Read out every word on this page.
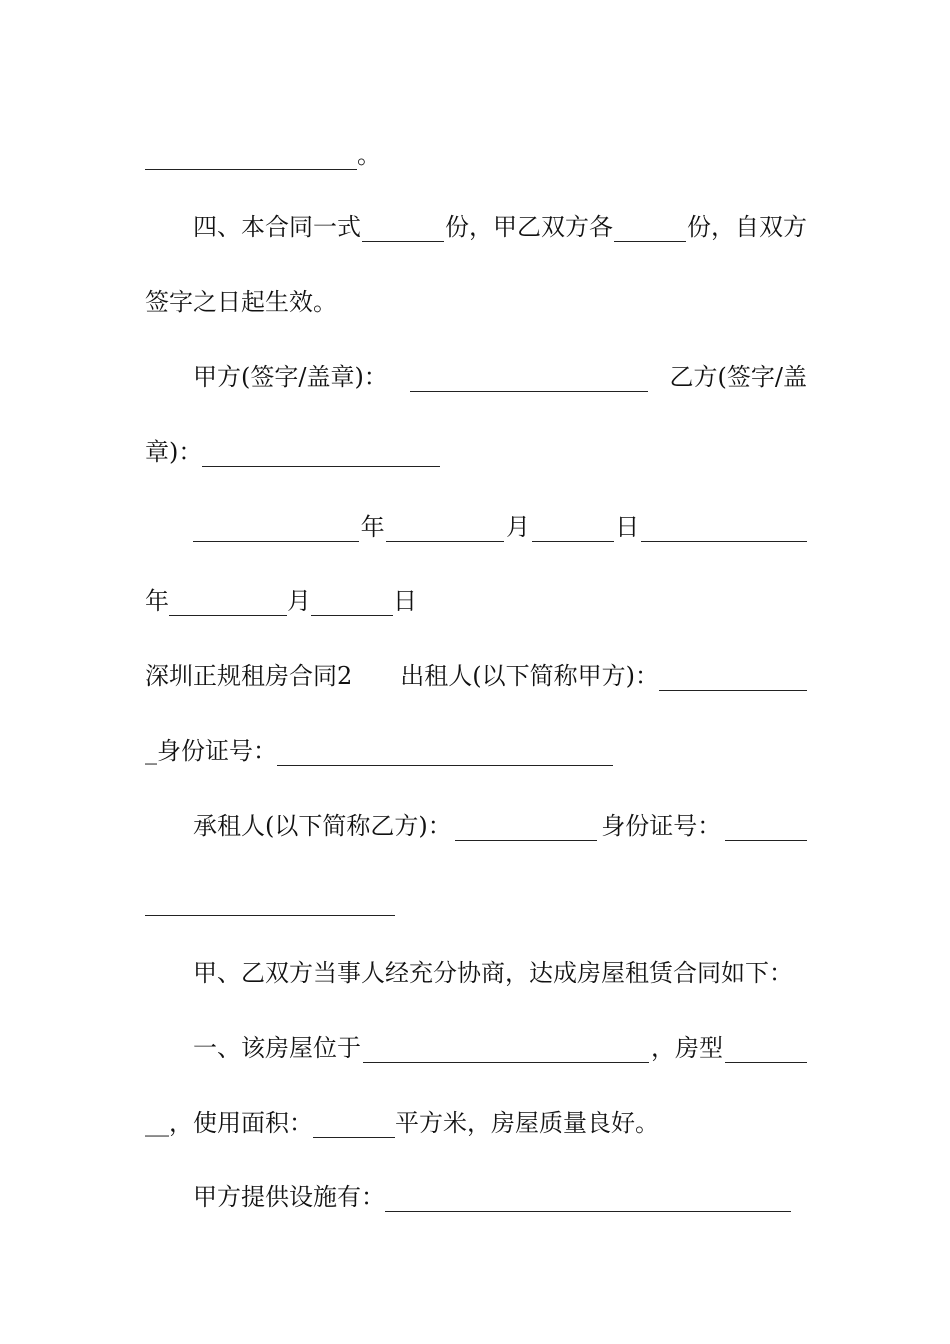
。
四、本合同一式	份，甲乙双方各	份，自双方
签字之日起生效。
甲方(签字/盖章)：	乙方(签字/盖
章)：
年	月	日
年	月	日
深圳正规租房合同2 出租人(以下简称甲方)：
_身份证号：
承租人(以下简称乙方)：	身份证号：
甲、乙双方当事人经充分协商，达成房屋租赁合同如下：
一、该房屋位于	，房型
__，使用面积：	平方米，房屋质量良好。
甲方提供设施有：
